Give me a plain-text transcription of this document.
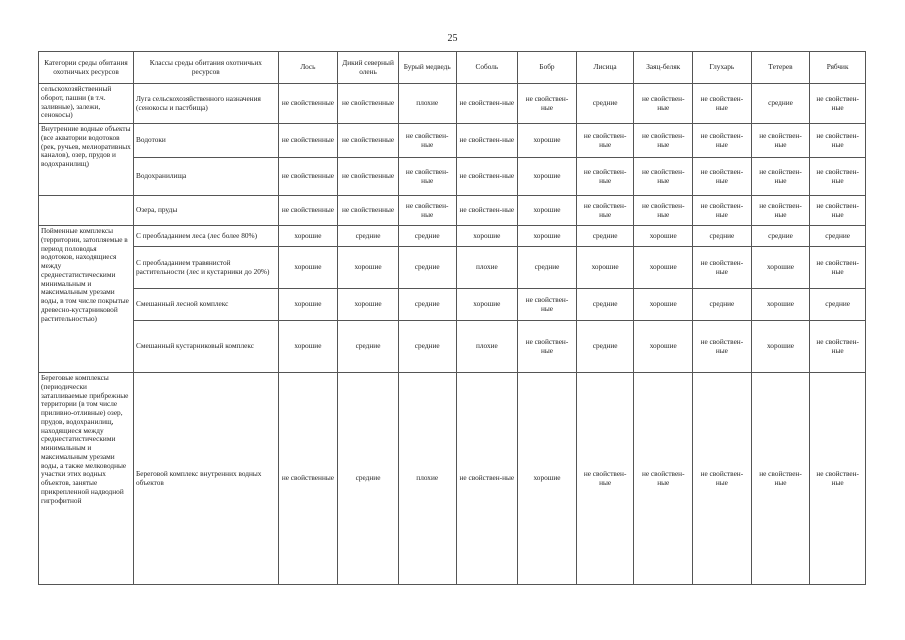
25
Категории среды обитания охотничьих ресурсов	Классы среды обитания охотничьих ресурсов	Лось	Дикий северный олень	Бурый медведь	Соболь	Бобр	Лисица	Заяц-беляк	Глухарь	Тетерев	Рябчик
сельскохозяйственный оборот, пашни (в т.ч. заливные), залежи, сенокосы)	Луга сельскохозяйственного назначения (сенокосы и пастбища)	не свойственные	не свойственные	плохие	не свойствен-ные	не свойствен-ные	средние	не свойствен-ные	не свойствен-ные	средние	не свойствен-ные
Внутренние водные объекты (все акватории водотоков (рек, ручьев, мелиоративных каналов), озер, прудов и водохранилищ)	Водотоки	не свойственные	не свойственные	не свойствен-ные	не свойствен-ные	хорошие	не свойствен-ные	не свойствен-ные	не свойствен-ные	не свойствен-ные	не свойствен-ные
	Водохранилища	не свойственные	не свойственные	не свойствен-ные	не свойствен-ные	хорошие	не свойствен-ные	не свойствен-ные	не свойствен-ные	не свойствен-ные	не свойствен-ные
	Озера, пруды	не свойственные	не свойственные	не свойствен-ные	не свойствен-ные	хорошие	не свойствен-ные	не свойствен-ные	не свойствен-ные	не свойствен-ные	не свойствен-ные
Пойменные комплексы (территории, затопляемые в период половодья водотоков, находящиеся между среднестатистическими минимальным и максимальным урезами воды, в том числе покрытые древесно-кустарниковой растительностью)	С преобладанием леса (лес более 80%)	хорошие	средние	средние	хорошие	хорошие	средние	хорошие	средние	средние	средние
	С преобладанием травянистой растительности (лес и кустарники до 20%)	хорошие	хорошие	средние	плохие	средние	хорошие	хорошие	не свойствен-ные	хорошие	не свойствен-ные
	Смешанный лесной комплекс	хорошие	хорошие	средние	хорошие	не свойствен-ные	средние	хорошие	средние	хорошие	средние
	Смешанный кустарниковый комплекс	хорошие	средние	средние	плохие	не свойствен-ные	средние	хорошие	не свойствен-ные	хорошие	не свойствен-ные
Береговые комплексы (периодически затапливаемые прибрежные территории (в том числе приливно-отливные) озер, прудов, водохранилищ, находящиеся между среднестатистическими минимальным и максимальным урезами воды, а также мелководные участки этих водных объектов, занятые прикрепленной надводной гигрофитной	Береговой комплекс внутренних водных объектов	не свойственные	средние	плохие	не свойствен-ные	хорошие	не свойствен-ные	не свойствен-ные	не свойствен-ные	не свойствен-ные	не свойствен-ные
